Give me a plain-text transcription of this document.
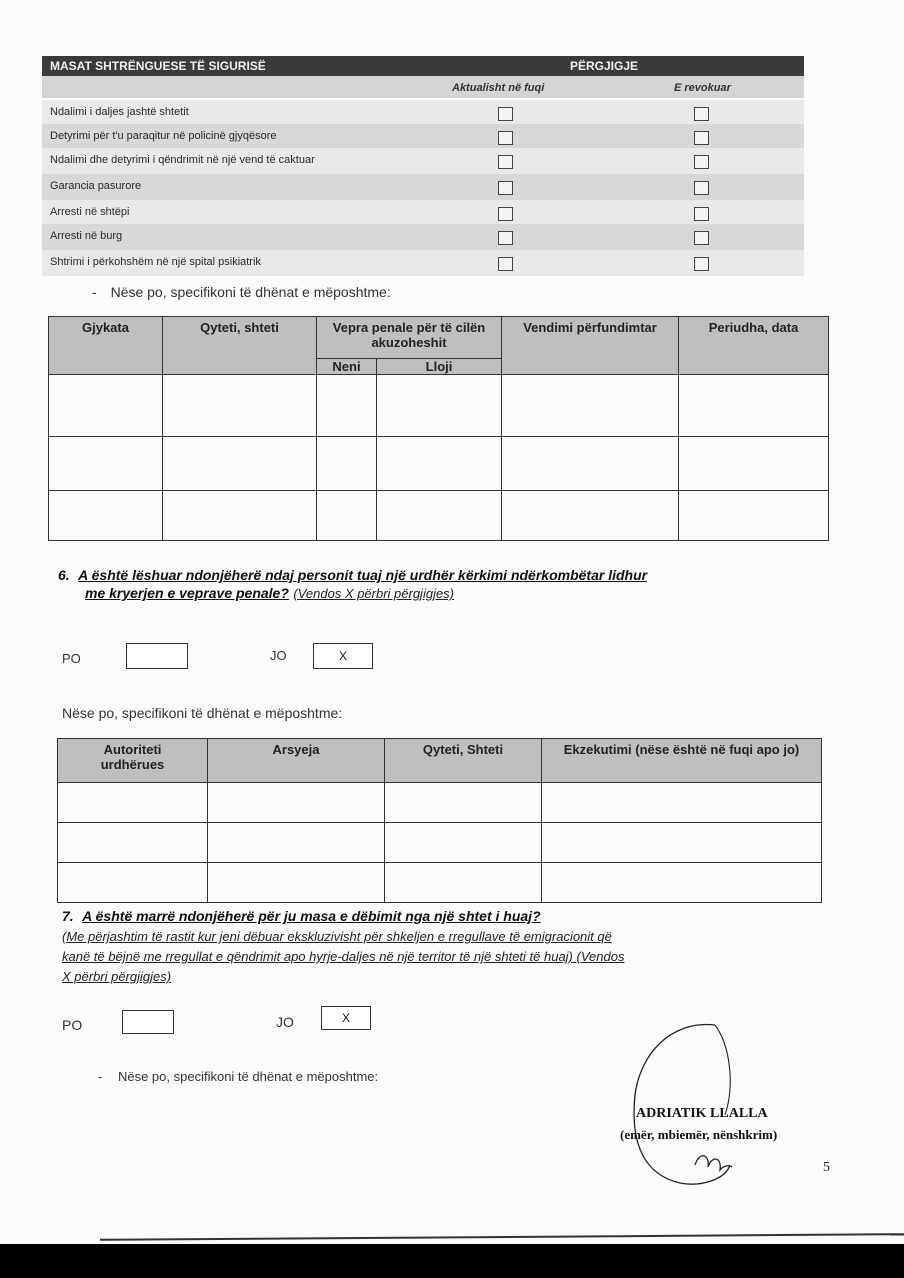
MASAT SHTRËNGUESE TË SIGURISË	PËRGJIGJE
Aktualisht në fuqi	E revokuar
Ndalimi i daljes jashtë shtetit
Detyrimi për t'u paraqitur në policinë gjyqësore
Ndalimi dhe detyrimi i qëndrimit në një vend të caktuar
Garancia pasurore
Arresti në shtëpi
Arresti në burg
Shtrimi i përkohshëm në një spital psikiatrik
- Nëse po, specifikoni të dhënat e mëposhtme:
Gjykata	Qyteti, shteti	Vepra penale për të cilën akuzoheshit		Vendimi përfundimtar	Periudha, data
		Neni	Lloji		

6. A është lëshuar ndonjëherë ndaj personit tuaj një urdhër kërkimi ndërkombëtar lidhur
me kryerjen e veprave penale? (Vendos X përbri përgjigjes)
PO	JO	X
Nëse po, specifikoni të dhënat e mëposhtme:
Autoriteti urdhërues	Arsyeja	Qyteti, Shteti	Ekzekutimi (nëse është në fuqi apo jo)

7. A është marrë ndonjëherë për ju masa e dëbimit nga një shtet i huaj?
(Me përjashtim të rastit kur jeni dëbuar ekskluzivisht për shkeljen e rregullave të emigracionit që
kanë të bëjnë me rregullat e qëndrimit apo hyrje-daljes në një territor të një shteti të huaj) (Vendos
X përbri përgjigjes)
PO	JO	X
- Nëse po, specifikoni të dhënat e mëposhtme:
ADRIATIK LLALLA
(emër, mbiemër, nënshkrim)
5
